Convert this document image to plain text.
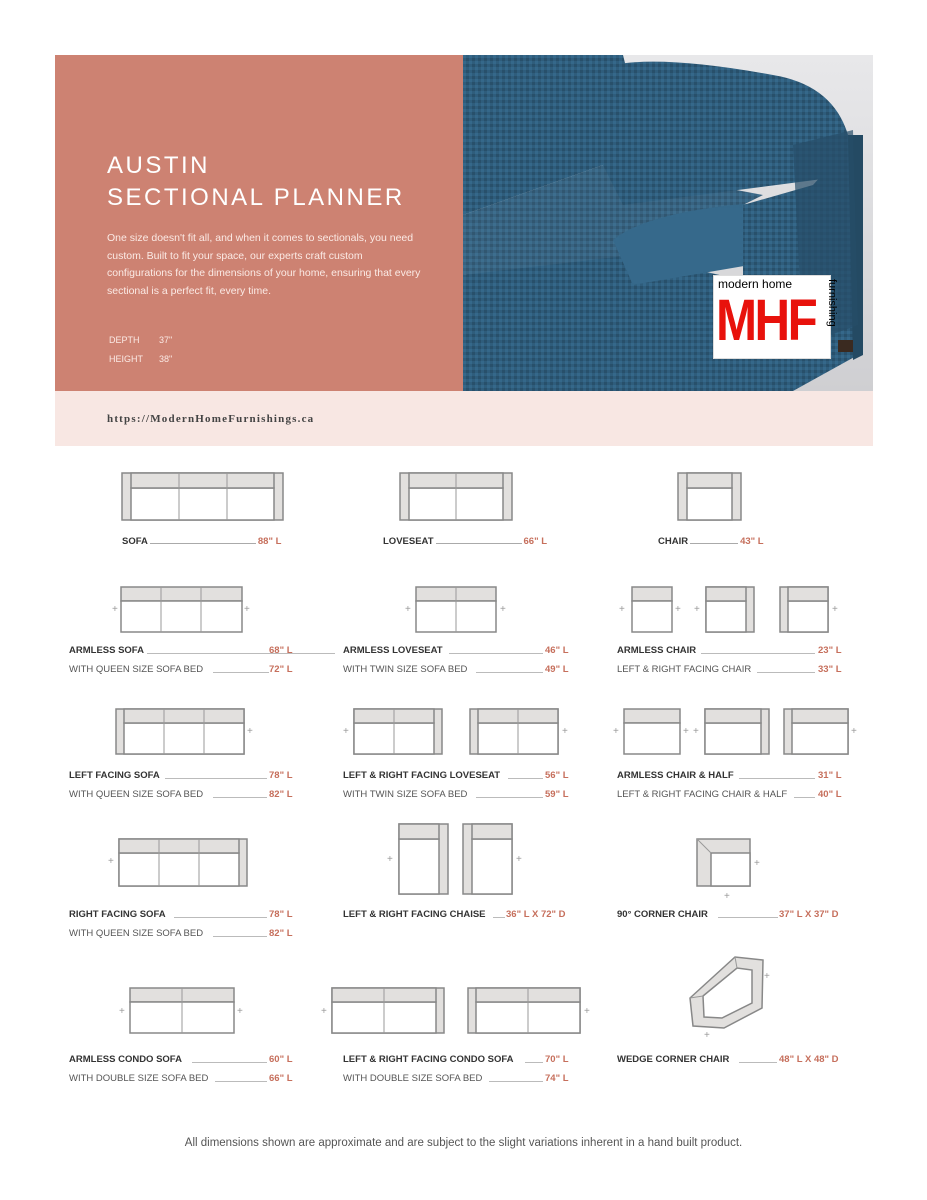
AUSTIN
SECTIONAL PLANNER
One size doesn't fit all, and when it comes to sectionals, you need custom. Built to fit your space, our experts craft custom configurations for the dimensions of your home, ensuring that every sectional is a perfect fit, every time.
DEPTH 37"
HEIGHT 38"
modern home
MHF furnishing
https://ModernHomeFurnishings.ca
+	+	+	+	+	+ +	+
+	+	+	+	+ +	+
+	+	+	+
+
+	+	+	+
+
+
SOFA	88" L	LOVESEAT	66" L	CHAIR	43" L
ARMLESS SOFA	68" L
WITH QUEEN SIZE SOFA BED	72" L
ARMLESS LOVESEAT	46" L
WITH TWIN SIZE SOFA BED	49" L
ARMLESS CHAIR	23" L
LEFT & RIGHT FACING CHAIR	33" L
LEFT FACING SOFA	78" L
WITH QUEEN SIZE SOFA BED	82" L
LEFT & RIGHT FACING LOVESEAT	56" L
WITH TWIN SIZE SOFA BED	59" L
ARMLESS CHAIR & HALF	31" L
LEFT & RIGHT FACING CHAIR & HALF	40" L
RIGHT FACING SOFA	78" L
WITH QUEEN SIZE SOFA BED	82" L
LEFT & RIGHT FACING CHAISE 36" L X 72" D	90° CORNER CHAIR	37" L X 37" D
ARMLESS CONDO SOFA	60" L
WITH DOUBLE SIZE SOFA BED	66" L
LEFT & RIGHT FACING CONDO SOFA	70" L
WITH DOUBLE SIZE SOFA BED	74" L
WEDGE CORNER CHAIR	48" L X 48" D
All dimensions shown are approximate and are subject to the slight variations inherent in a hand built product.
